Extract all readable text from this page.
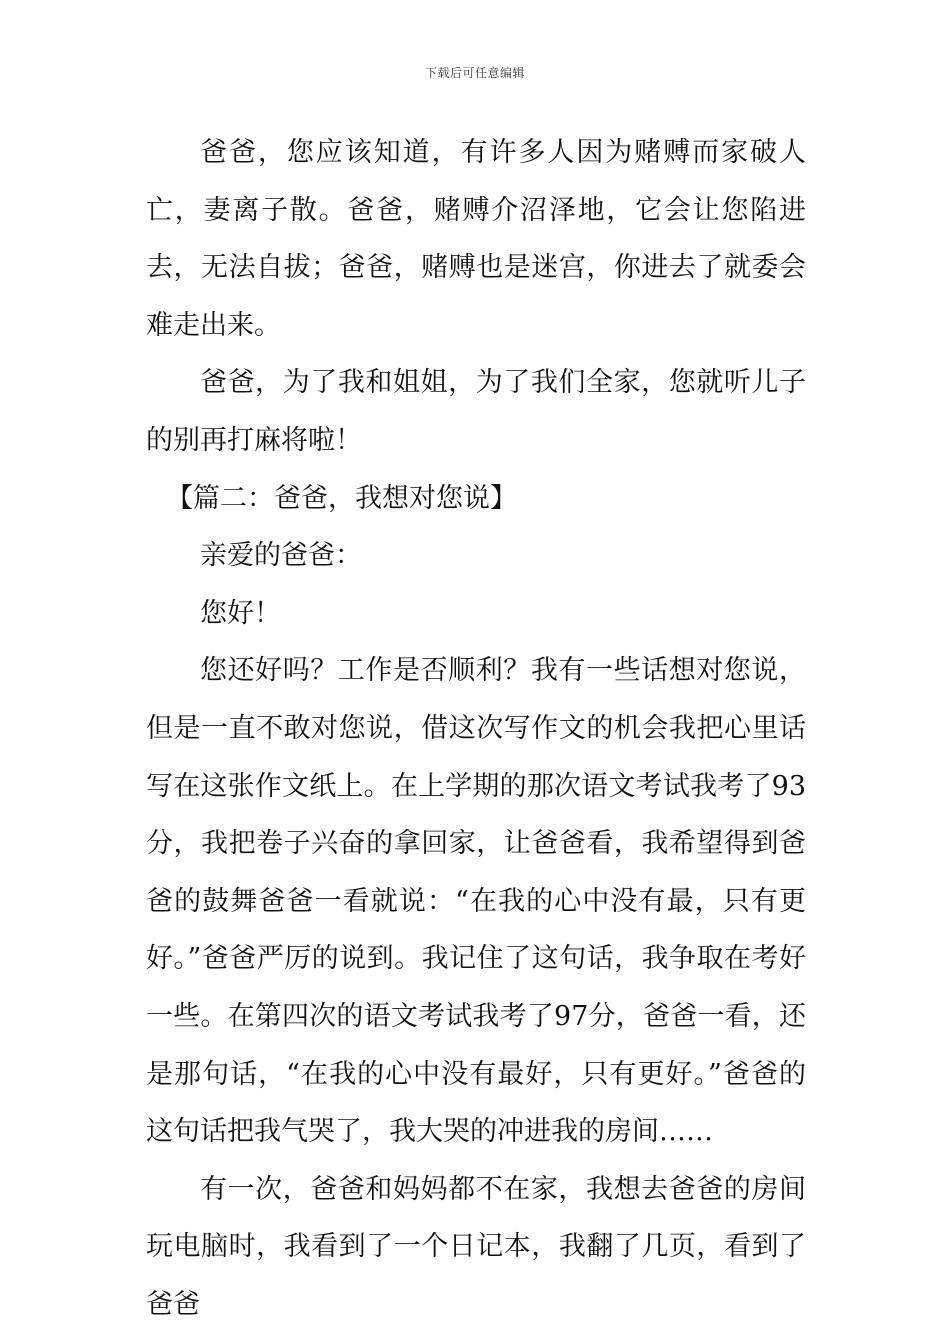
下载后可任意编辑

爸爸，您应该知道，有许多人因为赌赙而家破人亡，妻离子散。爸爸，赌赙介沼泽地，它会让您陷进去，无法自拔；爸爸，赌赙也是迷宫，你进去了就委会难走出来。

爸爸，为了我和姐姐，为了我们全家，您就听儿子的别再打麻将啦！

【篇二：爸爸，我想对您说】

亲爱的爸爸：

您好！

您还好吗？工作是否顺利？我有一些话想对您说，但是一直不敢对您说，借这次写作文的机会我把心里话写在这张作文纸上。在上学期的那次语文考试我考了93分，我把卷子兴奋的拿回家，让爸爸看，我希望得到爸爸的鼓舞爸爸一看就说：“在我的心中没有最，只有更好。”爸爸严厉的说到。我记住了这句话，我争取在考好一些。在第四次的语文考试我考了97分，爸爸一看，还是那句话，“在我的心中没有最好，只有更好。”爸爸的这句话把我气哭了，我大哭的冲进我的房间……

有一次，爸爸和妈妈都不在家，我想去爸爸的房间玩电脑时，我看到了一个日记本，我翻了几页，看到了爸爸
